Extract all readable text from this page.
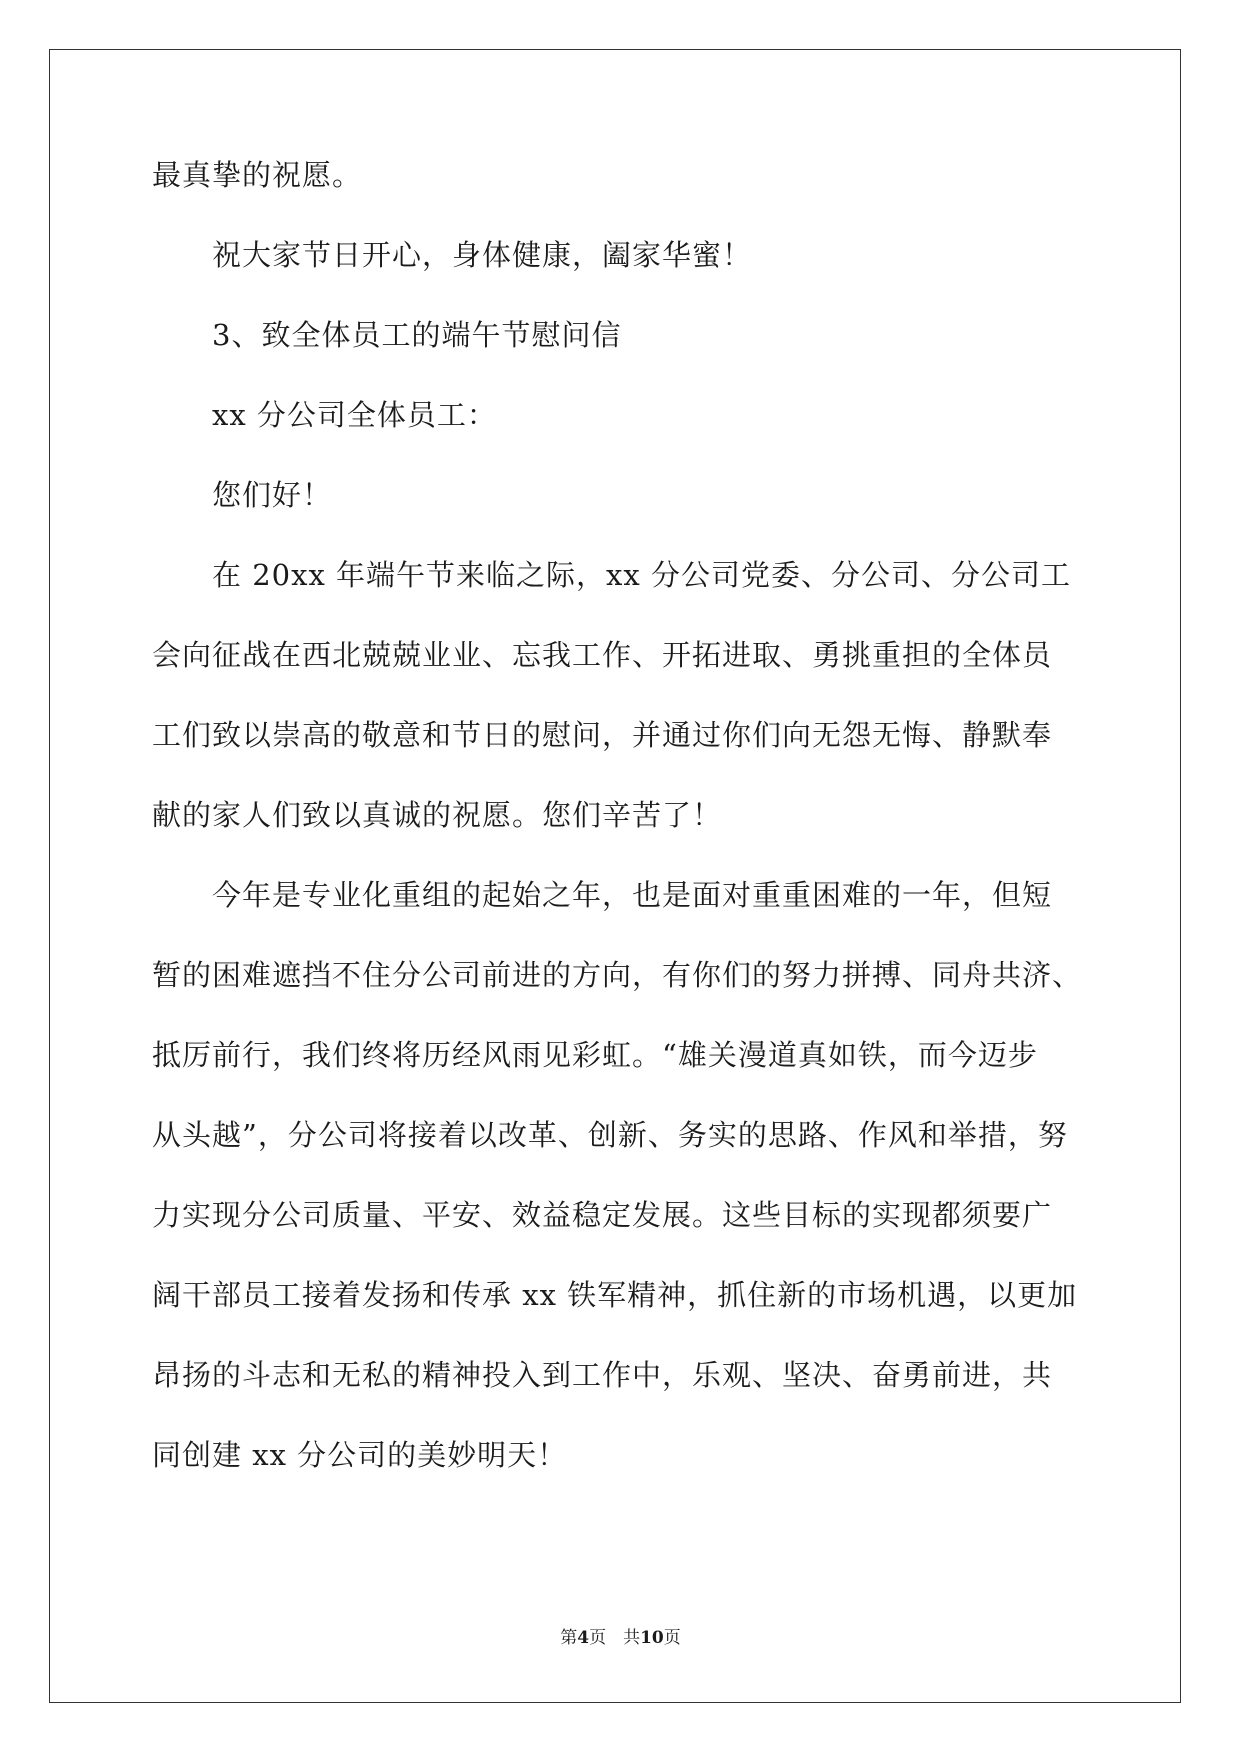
最真挚的祝愿。
祝大家节日开心，身体健康，阖家华蜜！
3、致全体员工的端午节慰问信
xx 分公司全体员工：
您们好！
在 20xx 年端午节来临之际，xx 分公司党委、分公司、分公司工
会向征战在西北兢兢业业、忘我工作、开拓进取、勇挑重担的全体员
工们致以崇高的敬意和节日的慰问，并通过你们向无怨无悔、静默奉
献的家人们致以真诚的祝愿。您们辛苦了！
今年是专业化重组的起始之年，也是面对重重困难的一年，但短
暂的困难遮挡不住分公司前进的方向，有你们的努力拼搏、同舟共济、
抵厉前行，我们终将历经风雨见彩虹。“雄关漫道真如铁，而今迈步
从头越”，分公司将接着以改革、创新、务实的思路、作风和举措，努
力实现分公司质量、平安、效益稳定发展。这些目标的实现都须要广
阔干部员工接着发扬和传承 xx 铁军精神，抓住新的市场机遇，以更加
昂扬的斗志和无私的精神投入到工作中，乐观、坚决、奋勇前进，共
同创建 xx 分公司的美妙明天！
第4页　共10页
